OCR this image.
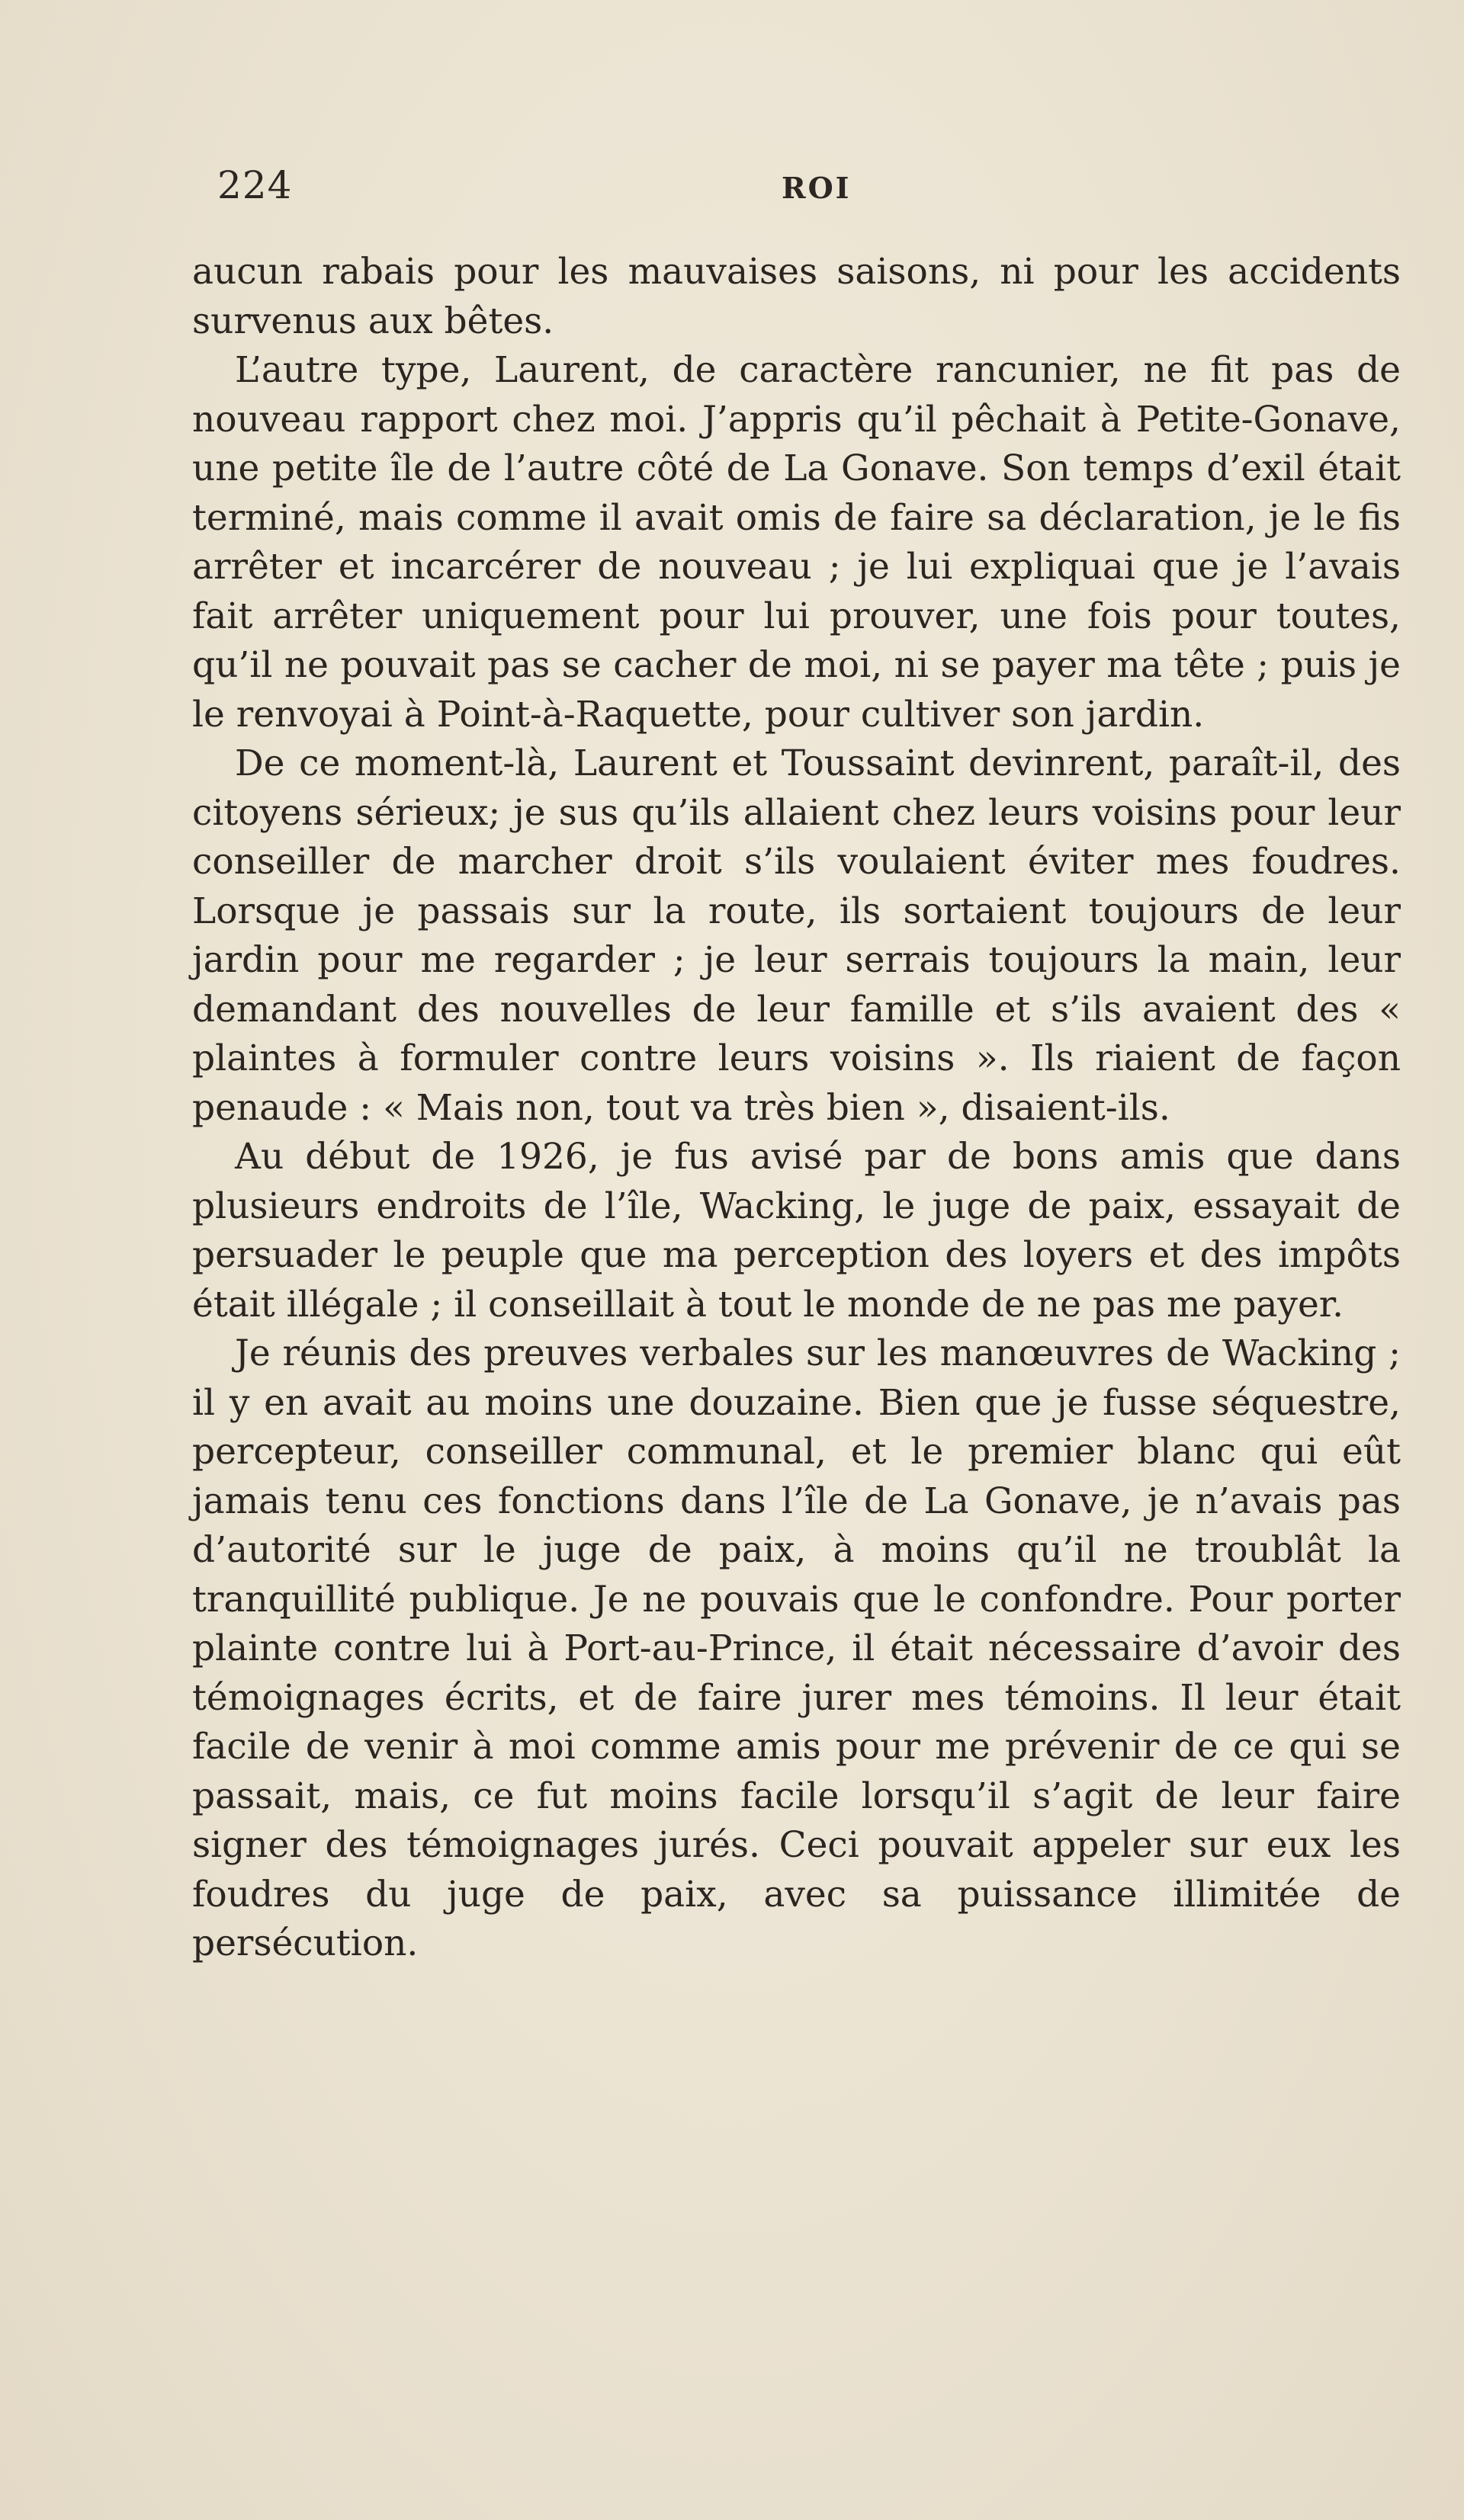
224	ROI

aucun rabais pour les mauvaises saisons, ni pour les accidents survenus aux bêtes.

L’autre type, Laurent, de caractère rancunier, ne fit pas de nouveau rapport chez moi. J’appris qu’il pêchait à Petite-Gonave, une petite île de l’autre côté de La Gonave. Son temps d’exil était terminé, mais comme il avait omis de faire sa déclaration, je le fis arrêter et incarcérer de nouveau ; je lui expliquai que je l’avais fait arrêter uniquement pour lui prouver, une fois pour toutes, qu’il ne pouvait pas se cacher de moi, ni se payer ma tête ; puis je le renvoyai à Point-à-Raquette, pour cultiver son jardin.

De ce moment-là, Laurent et Toussaint devinrent, paraît-il, des citoyens sérieux; je sus qu’ils allaient chez leurs voisins pour leur conseiller de marcher droit s’ils voulaient éviter mes foudres. Lorsque je passais sur la route, ils sortaient toujours de leur jardin pour me regarder ; je leur serrais toujours la main, leur demandant des nouvelles de leur famille et s’ils avaient des « plaintes à formuler contre leurs voisins ». Ils riaient de façon penaude : « Mais non, tout va très bien », disaient-ils.

Au début de 1926, je fus avisé par de bons amis que dans plusieurs endroits de l’île, Wacking, le juge de paix, essayait de persuader le peuple que ma perception des loyers et des impôts était illégale ; il conseillait à tout le monde de ne pas me payer.

Je réunis des preuves verbales sur les manœuvres de Wacking ; il y en avait au moins une douzaine. Bien que je fusse séquestre, percepteur, conseiller communal, et le premier blanc qui eût jamais tenu ces fonctions dans l’île de La Gonave, je n’avais pas d’autorité sur le juge de paix, à moins qu’il ne troublât la tranquillité publique. Je ne pouvais que le confondre. Pour porter plainte contre lui à Port-au-Prince, il était nécessaire d’avoir des témoignages écrits, et de faire jurer mes témoins. Il leur était facile de venir à moi comme amis pour me prévenir de ce qui se passait, mais, ce fut moins facile lorsqu’il s’agit de leur faire signer des témoignages jurés. Ceci pouvait appeler sur eux les foudres du juge de paix, avec sa puissance illimitée de persécution.
